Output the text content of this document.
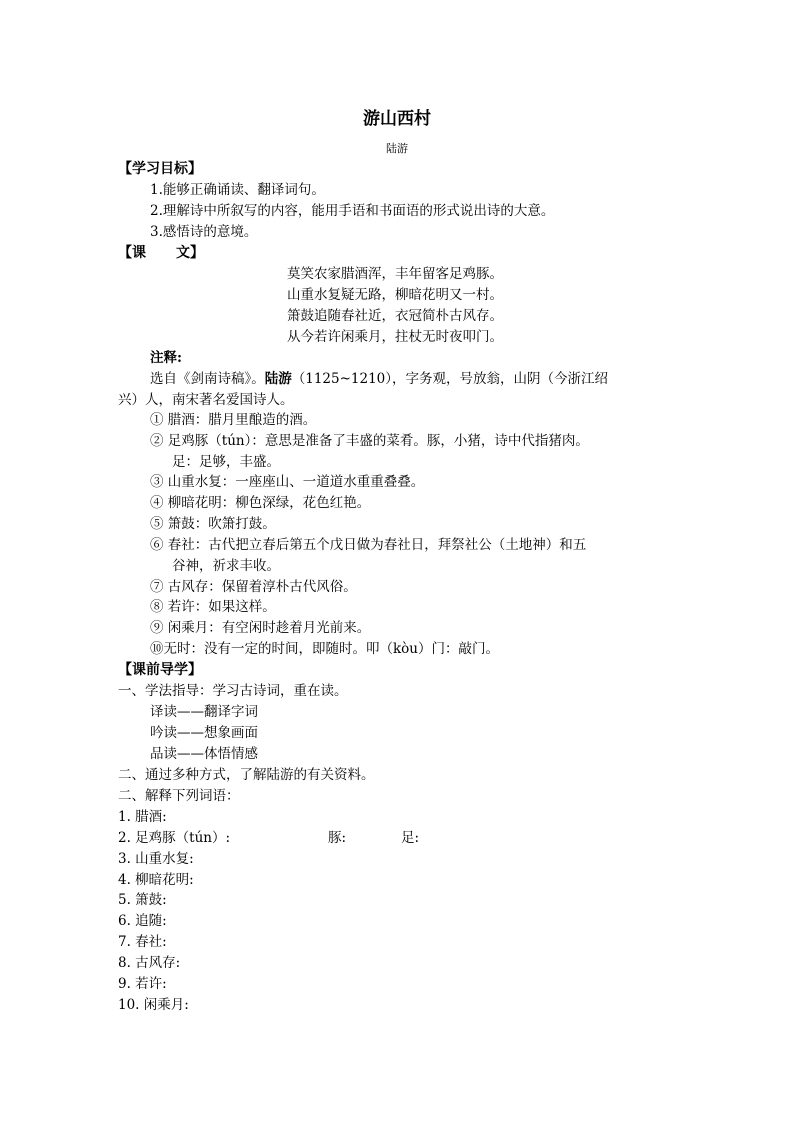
游山西村
陆游
【学习目标】
1.能够正确诵读、翻译词句。
2.理解诗中所叙写的内容，能用手语和书面语的形式说出诗的大意。
3.感悟诗的意境。
【课 文】
莫笑农家腊酒浑，丰年留客足鸡豚。
山重水复疑无路，柳暗花明又一村。
箫鼓追随春社近，衣冠简朴古风存。
从今若许闲乘月，拄杖无时夜叩门。
注释:
选自《剑南诗稿》。陆游（1125~1210），字务观，号放翁，山阴（今浙江绍
兴）人，南宋著名爱国诗人。
① 腊酒：腊月里酿造的酒。
② 足鸡豚（tún）：意思是准备了丰盛的菜肴。豚，小猪，诗中代指猪肉。
足：足够，丰盛。
③ 山重水复：一座座山、一道道水重重叠叠。
④ 柳暗花明：柳色深绿，花色红艳。
⑤ 箫鼓：吹箫打鼓。
⑥ 春社：古代把立春后第五个戊日做为春社日，拜祭社公（土地神）和五
谷神，祈求丰收。
⑦ 古风存：保留着淳朴古代风俗。
⑧ 若许：如果这样。
⑨ 闲乘月：有空闲时趁着月光前来。
⑩无时：没有一定的时间，即随时。叩（kòu）门：敲门。
【课前导学】
一、学法指导：学习古诗词，重在读。
译读——翻译字词
吟读——想象画面
品读——体悟情感
二、通过多种方式，了解陆游的有关资料。
二、解释下列词语：
1. 腊酒:
2. 足鸡豚（tún）:	豚:	足:
3. 山重水复:
4. 柳暗花明:
5. 箫鼓:
6. 追随:
7. 春社:
8. 古风存:
9. 若许:
10. 闲乘月:
